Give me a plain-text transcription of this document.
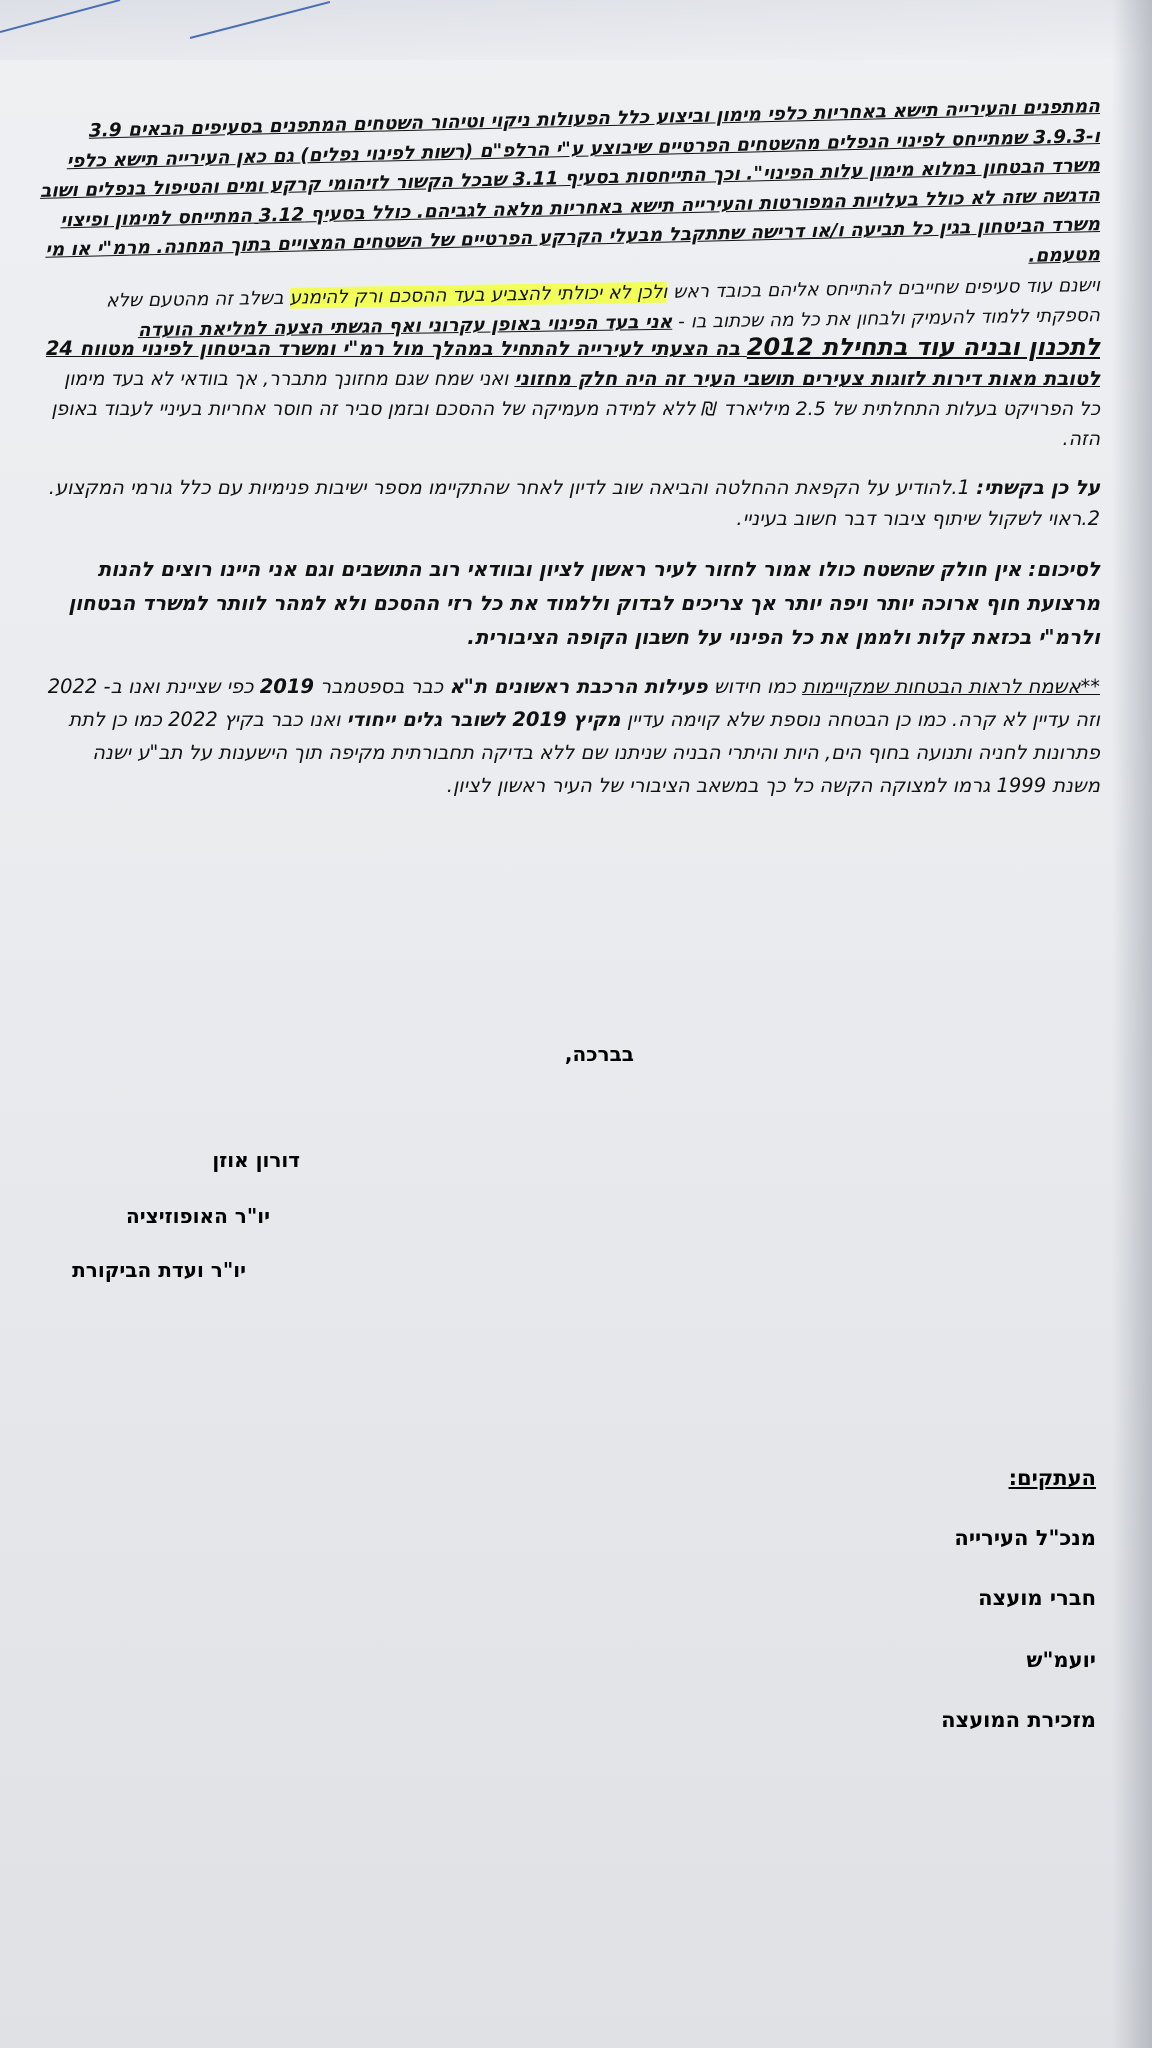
המתפנים והעירייה תישא באחריות כלפי מימון וביצוע כלל הפעולות ניקוי וטיהור השטחים המתפנים בסעיפים הבאים 3.9 ו-3.9.3 שמתייחס לפינוי הנפלים מהשטחים הפרטיים שיבוצע ע"י הרלפ"ם (רשות לפינוי נפלים) גם כאן העירייה תישא כלפי משרד הבטחון במלוא מימון עלות הפינוי". וכך התייחסות בסעיף 3.11 שבכל הקשור לזיהומי קרקע ומים והטיפול בנפלים ושוב הדגשה שזה לא כולל בעלויות המפורטות והעירייה תישא באחריות מלאה לגביהם. כולל בסעיף 3.12 המתייחס למימון ופיצוי משרד הביטחון בגין כל תביעה ו/או דרישה שתתקבל מבעלי הקרקע הפרטיים של השטחים המצויים בתוך המחנה. מרמ"י או מי מטעמם.

וישנם עוד סעיפים שחייבים להתייחס אליהם בכובד ראש ולכן לא יכולתי להצביע בעד ההסכם ורק להימנע בשלב זה מהטעם שלא הספקתי ללמוד להעמיק ולבחון את כל מה שכתוב בו - אני בעד הפינוי באופן עקרוני ואף הגשתי הצעה למליאת הועדה

לתכנון ובניה עוד בתחילת 2012 בה הצעתי לעירייה להתחיל במהלך מול רמ"י ומשרד הביטחון לפינוי מטווח 24 לטובת מאות דירות לזוגות צעירים תושבי העיר זה היה חלק מחזוני ואני שמח שגם מחזונך מתברר, אך בוודאי לא בעד מימון כל הפרויקט בעלות התחלתית של 2.5 מיליארד ₪ ללא למידה מעמיקה של ההסכם ובזמן סביר זה חוסר אחריות בעיניי לעבוד באופן הזה.

על כן בקשתי: 1.להודיע על הקפאת ההחלטה והביאה שוב לדיון לאחר שהתקיימו מספר ישיבות פנימיות עם כלל גורמי המקצוע. 2.ראוי לשקול שיתוף ציבור דבר חשוב בעיניי.

לסיכום: אין חולק שהשטח כולו אמור לחזור לעיר ראשון לציון ובוודאי רוב התושבים וגם אני היינו רוצים להנות מרצועת חוף ארוכה יותר ויפה יותר אך צריכים לבדוק וללמוד את כל רזי ההסכם ולא למהר לוותר למשרד הבטחון ולרמ"י בכזאת קלות ולממן את כל הפינוי על חשבון הקופה הציבורית.

**אשמח לראות הבטחות שמקויימות כמו חידוש פעילות הרכבת ראשונים ת"א כבר בספטמבר 2019 כפי שציינת ואנו ב- 2022 וזה עדיין לא קרה. כמו כן הבטחה נוספת שלא קוימה עדיין מקיץ 2019 לשובר גלים ייחודי ואנו כבר בקיץ 2022 כמו כן לתת פתרונות לחניה ותנועה בחוף הים, היות והיתרי הבניה שניתנו שם ללא בדיקה תחבורתית מקיפה תוך הישענות על תב"ע ישנה משנת 1999 גרמו למצוקה הקשה כל כך במשאב הציבורי של העיר ראשון לציון.

בברכה,
דורון אוזן
יו"ר האופוזיציה
יו"ר ועדת הביקורת
העתקים:
מנכ"ל העירייה
חברי מועצה
יועמ"ש
מזכירת המועצה
